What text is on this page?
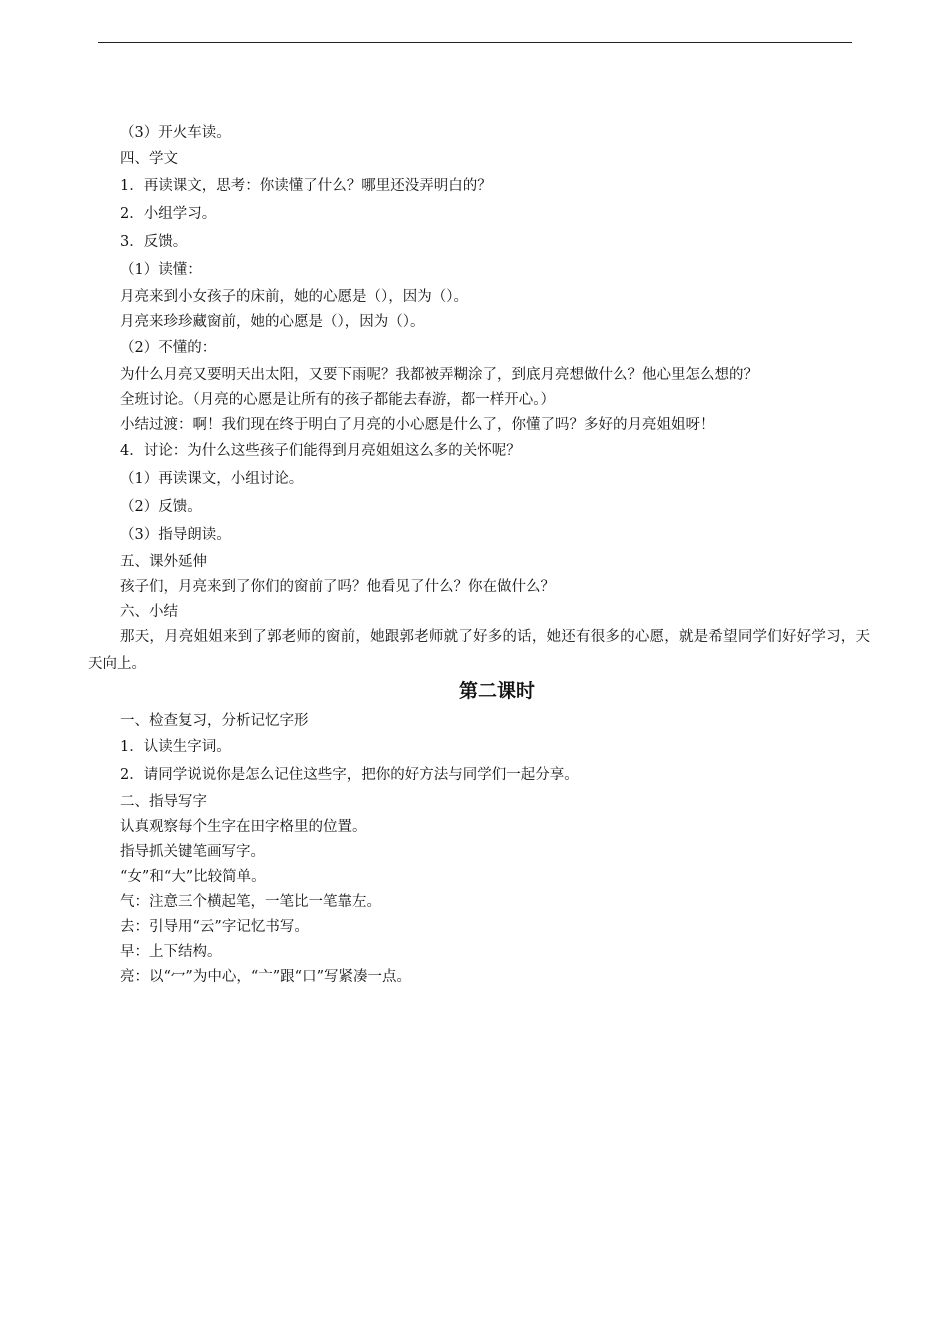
（3）开火车读。
四、学文
1．再读课文，思考：你读懂了什么？哪里还没弄明白的？
2．小组学习。
3．反馈。
（1）读懂：
月亮来到小女孩子的床前，她的心愿是（），因为（）。
月亮来珍珍藏窗前，她的心愿是（），因为（）。
（2）不懂的：
为什么月亮又要明天出太阳，又要下雨呢？我都被弄糊涂了，到底月亮想做什么？他心里怎么想的？
全班讨论。（月亮的心愿是让所有的孩子都能去春游，都一样开心。）
小结过渡：啊！我们现在终于明白了月亮的小心愿是什么了，你懂了吗？多好的月亮姐姐呀！
4．讨论：为什么这些孩子们能得到月亮姐姐这么多的关怀呢？
（1）再读课文，小组讨论。
（2）反馈。
（3）指导朗读。
五、课外延伸
孩子们，月亮来到了你们的窗前了吗？他看见了什么？你在做什么？
六、小结
那天，月亮姐姐来到了郭老师的窗前，她跟郭老师就了好多的话，她还有很多的心愿，就是希望同学们好好学习，天天向上。
第二课时
一、检查复习，分析记忆字形
1．认读生字词。
2．请同学说说你是怎么记住这些字，把你的好方法与同学们一起分享。
二、指导写字
认真观察每个生字在田字格里的位置。
指导抓关键笔画写字。
“女”和“大”比较简单。
气：注意三个横起笔，一笔比一笔靠左。
去：引导用“云”字记忆书写。
早：上下结构。
亮：以“冖”为中心，“亠”跟“口”写紧凑一点。
